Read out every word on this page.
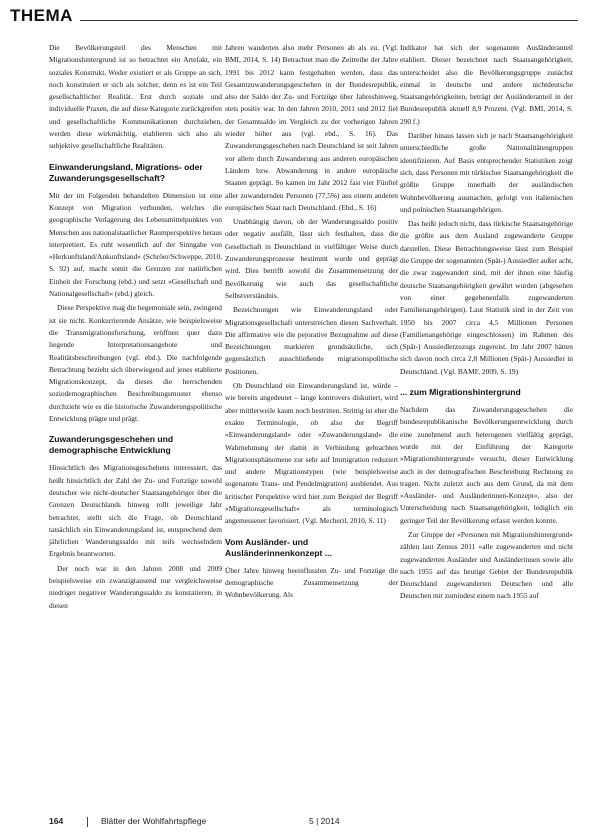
THEMA

Die Bevölkerungsteil des Menschen mit Migrationshintergrund ist so betrachtet ein Artefakt, ein soziales Konstrukt. Weder existiert er als Gruppe an sich, noch konstituiert er sich als solcher, denn es ist ein Teil gesellschaftlicher Realität. Erst durch soziale und individuelle Praxen, die auf diese Kategorie zurückgreifen und gesellschaftliche Kommunikationen durchziehen, werden diese wirkmächtig, etablieren sich also als subjektive gesellschaftliche Realitäten.

Einwanderungsland, Migrations- oder Zuwanderungsgesellschaft?

Mit der im Folgenden behandelten Dimension ist eine Konzept von Migration verbunden, welches die geographische Verlagerung des Lebensmittelpunktes von Menschen aus nationalstaatlicher Raumperspektive heraus interpretiert. Es ruht wesentlich auf der Sinngabe von »Herkunftsland/Ankunftsland« (Schröer/Schweppe, 2010, S. 92) auf, macht somit die Grenzen zur natürlichen Einheit der Forschung (ebd.) und setzt »Gesellschaft und Nationalgesellschaft« (ebd.) gleich.

Diese Perspektive mag die hegemoniale sein, zwingend ist sie nicht. Konkurrierende Ansätze, wie beispielsweise die Transmigrationsforschung, eröffnen quer dazu liegende Interpretationsangebote und Realitätsbeschreibungen (vgl. ebd.). Die nachfolgende Betrachtung bezieht sich überwiegend auf jenes etablierte Migrationskonzept, da dieses die herrschenden soziodemographischen Beschreibungsmuster ebenso durchzieht wie es die historische Zuwanderungspolitische Entwicklung prägte und prägt.

Zuwanderungsgeschehen und demographische Entwicklung

Hinsichtlich des Migrationsgeschehens interessiert, das heißt hinsichtlich der Zahl der Zu- und Fortzüge sowohl deutscher wie nicht-deutscher Staatsangehöriger über die Grenzen Deutschlands hinweg rollt jeweilige Jahr betrachtet, stellt sich die Frage, ob Deutschland tatsächlich ein Einwanderungsland ist, entsprechend dem jährlichen Wanderungssaldo mit teils wechselndem Ergebnis beantworten.

Der noch war in den Jahren 2008 und 2009 beispielsweise ein zwanzigtausend nur vergleichsweise niedriger negativer Wanderungssaldo zu konstatieren, in diesen

Jahren wanderten also mehr Personen ab als zu. (Vgl. BMI, 2014, S. 14) Betrachtet man die Zeitreihe der Jahre 1991 bis 2012 kann festgehalten werden, dass das Gesamtzuwanderungsgeschehen in der Bundesrepublik, also der Saldo der Zu- und Fortzüge über Jahreshinweg, stets positiv war. In den Jahren 2010, 2011 und 2012 fiel der Gesamtsaldo im Vergleich zu der vorherigen Jahren wieder höher aus (vgl. ebd., S. 16). Das Zuwanderungsgeschehen nach Deutschland ist seit Jahren vor allem durch Zuwanderung aus anderen europäischen Ländern bzw. Abwanderung in andere europäische Staaten geprägt. So kamen im Jahr 2012 fast vier Fünftel aller zuwandernden Personen (77,5%) aus einem anderen europäischen Staat nach Deutschland. (Ebd., S. 16)

Unabhängig davon, ob der Wanderungssaldo positiv oder negativ ausfällt, lässt sich festhalten, dass die Gesellschaft in Deutschland in vielfältiger Weise durch Zuwanderungsprozesse bestimmt wurde und geprägt wird. Dies betrifft sowohl die Zusammensetzung der Bevölkerung wie auch das gesellschaftliche Selbstverständnis.

Bezeichnungen wie Einwanderungsland oder Migrationsgesellschaft unterstreichen diesen Sachverhalt. Die affirmative wie die pejorative Bezugnahme auf diese Bezeichnungen markieren grundsätzliche, sich gegensätzlich ausschließende migrationspolitische Positionen.

Ob Deutschland ein Einwanderungsland ist, würde – wie bereits angedeutet – lange kontrovers diskutiert, wird aber mittlerweile kaum noch bestritten. Strittig ist eher die exakte Terminologie, ob also der Begriff »Einwanderungsland« oder »Zuwanderungsland« die Wahrnehmung der damit in Verbindung gebrachten Migrationsphänomene zur sehr auf Immigration reduziert und andere Migrationstypen (wie beispielsweise sogenannte Trans- und Pendelmigration) ausblendet. Aus kritischer Perspektive wird hier zum Beispiel der Begriff »Migrationsgesellschaft« als terminologisch angemessener favorisiert. (Vgl. Mecheril, 2010, S. 11)

Vom Ausländer- und Ausländerinnenkonzept ...

Über Jahre hinweg beeinflussten Zu- und Fortzüge die demographische Zusammensetzung der Wohnbevölkerung. Als

Indikator hat sich der sogenannte Ausländeranteil etabliert. Dieser bezeichnet nach Staatsangehörigkeit, unterscheidet also die Bevölkerungsgruppe zunächst einmal in deutsche und andere nichtdeutsche Staatsangehörigkeiten, beträgt der Ausländeranteil in der Bundesrepublik aktuell 8,9 Prozent. (Vgl. BMI, 2014, S. 290 f.)

Darüber hinaus lassen sich je nach Staatsangehörigkeit unterschiedliche große Nationalitätengruppen identifizieren. Auf Basis entsprechender Statistiken zeigt sich, dass Personen mit türkischer Staatsangehörigkeit die größte Gruppe innerhalb der ausländischen Wohnbevölkerung ausmachen, gefolgt von italienischen und polnischen Staatsangehörigen.

Das heißt jedoch nicht, dass türkische Staatsangehörige die größte aus dem Ausland zugewanderte Gruppe darstellen. Diese Betrachtungsweise lässt zum Beispiel die Gruppe der sogenannten (Spät-) Aussiedler außer acht, die zwar zugewandert sind, mit der ihnen eine häufig deutsche Staatsangehörigkeit gewährt wurden (abgesehen von einer gegebenenfalls zugewanderten Familienangehörigen). Laut Statistik sind in der Zeit von 1950 bis 2007 circa 4,5 Millionen Personen (Familienangehörige eingeschlossen) im Rahmen des (Spät-) Aussiedlerzuzugs zugereist. Im Jahr 2007 hätten sich davon noch circa 2,8 Millionen (Spät-) Aussiedler in Deutschland. (Vgl. BAMF, 2009, S. 19)

... zum Migrationshintergrund

Nachdem das Zuwanderungsgeschehen die bundesrepublikanische Bevölkerungsentwicklung durch eine zunehmend auch heterogenen vielfältig geprägt, wurde mit der Einführung der Kategorie »Migrationshintergrund« versucht, dieser Entwicklung auch in der demografischen Beschreibung Rechnung zu tragen. Nicht zuletzt auch aus dem Grund, da mit dem »Ausländer- und Ausländerinnen-Konzept«, also der Unterscheidung nach Staatsangehörigkeit, lediglich ein geringer Teil der Bevölkerung erfasst werden konnte.

Zur Gruppe der »Personen mit Migrationshintergrund« zählen laut Zensus 2011 »alle zugewanderten und nicht zugewanderten Ausländer und Ausländerinnen sowie alle nach 1955 auf das heutige Gebiet der Bundesrepublik Deutschland zugewanderten Deutschen und alle Deutschen mit zumindest einem nach 1955 auf

164	Blätter der Wohlfahrtspflege	5 | 2014
